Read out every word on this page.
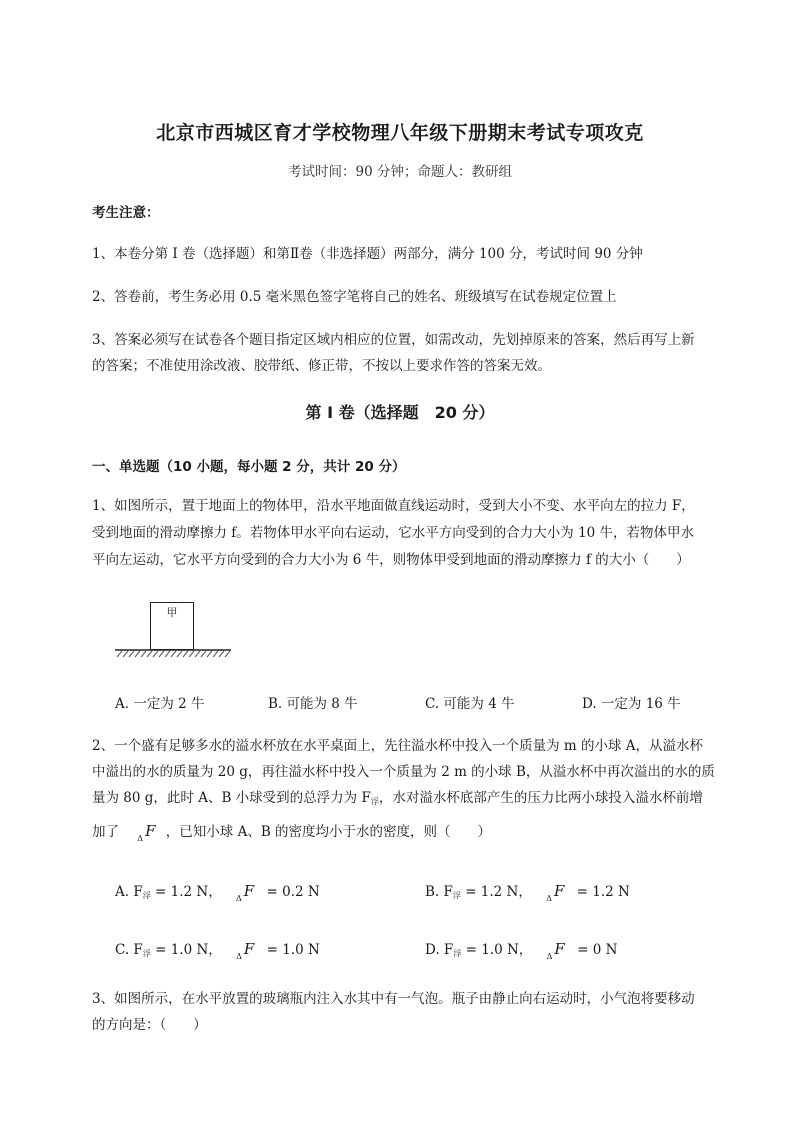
北京市西城区育才学校物理八年级下册期末考试专项攻克
考试时间：90 分钟；命题人：教研组
考生注意：
1、本卷分第 I 卷（选择题）和第Ⅱ卷（非选择题）两部分，满分 100 分，考试时间 90 分钟
2、答卷前，考生务必用 0.5 毫米黑色签字笔将自己的姓名、班级填写在试卷规定位置上
3、答案必须写在试卷各个题目指定区域内相应的位置，如需改动，先划掉原来的答案，然后再写上新
的答案；不准使用涂改液、胶带纸、修正带，不按以上要求作答的答案无效。
第 I 卷（选择题　20 分）
一、单选题（10 小题，每小题 2 分，共计 20 分）
1、如图所示，置于地面上的物体甲，沿水平地面做直线运动时，受到大小不变、水平向左的拉力 F，
受到地面的滑动摩擦力 f。若物体甲水平向右运动，它水平方向受到的合力大小为 10 牛，若物体甲水
平向左运动，它水平方向受到的合力大小为 6 牛，则物体甲受到地面的滑动摩擦力 f 的大小（　　）
甲
A. 一定为 2 牛	B. 可能为 8 牛	C. 可能为 4 牛	D. 一定为 16 牛
2、一个盛有足够多水的溢水杯放在水平桌面上，先往溢水杯中投入一个质量为 m 的小球 A，从溢水杯
中溢出的水的质量为 20 g，再往溢水杯中投入一个质量为 2 m 的小球 B，从溢水杯中再次溢出的水的质
量为 80 g，此时 A、B 小球受到的总浮力为 $F_浮$，水对溢水杯底部产生的压力比两小球投入溢水杯前增
加了 $_\Delta$ F ，已知小球 A、B 的密度均小于水的密度，则（　　）
A. $F_浮 = 1.2$ N， $_\Delta$ F = 0.2 N	B. $F_浮 = 1.2$ N， $_\Delta$ F = 1.2 N
C. $F_浮 = 1.0$ N， $_\Delta$ F = 1.0 N	D. $F_浮 = 1.0$ N， $_\Delta$ F = 0 N
3、如图所示，在水平放置的玻璃瓶内注入水其中有一气泡。瓶子由静止向右运动时，小气泡将要移动
的方向是：（　　）
